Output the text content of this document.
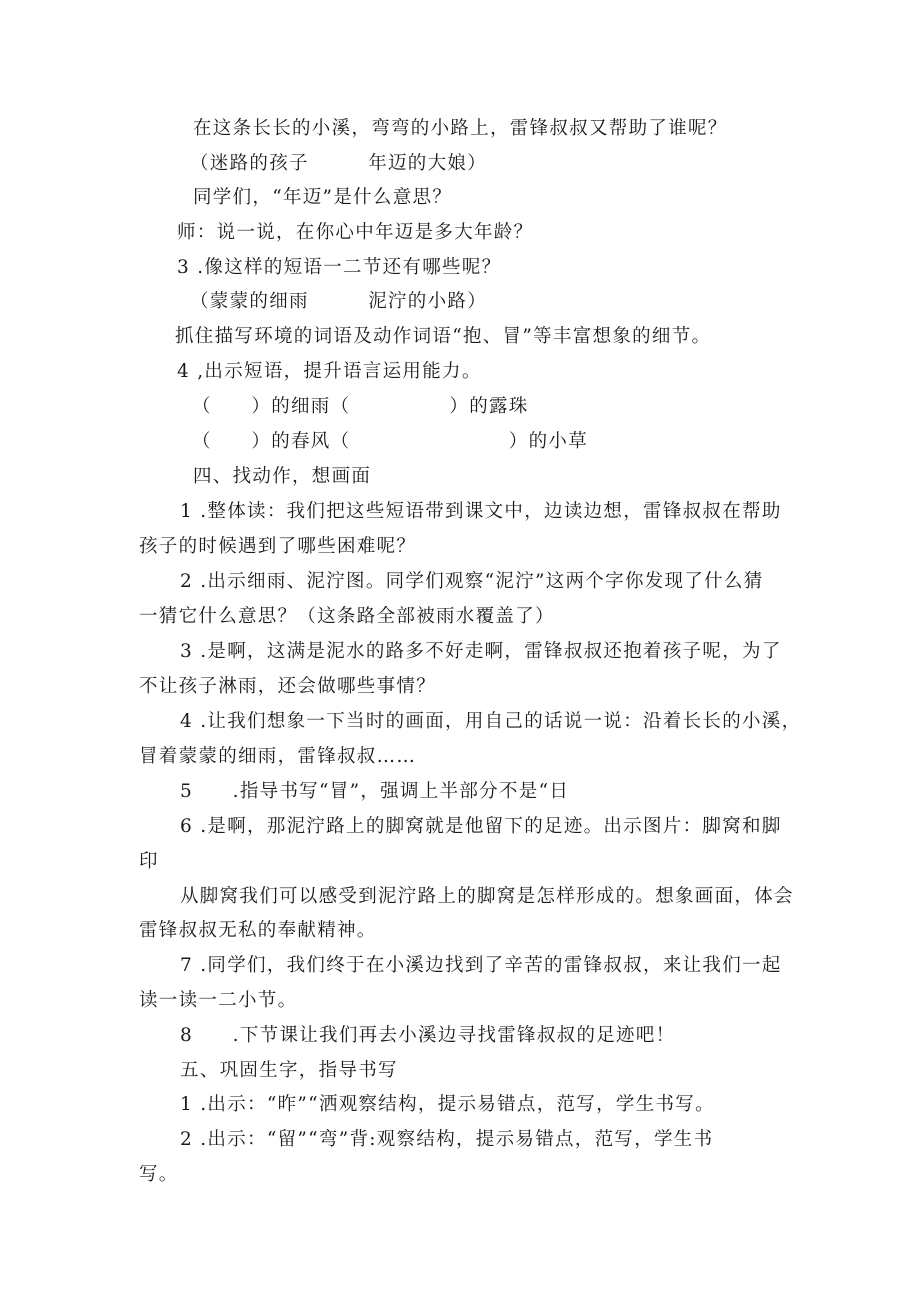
在这条长长的小溪，弯弯的小路上，雷锋叔叔又帮助了谁呢？
（迷路的孩子　　　年迈的大娘）
同学们，“年迈”是什么意思？
师：说一说，在你心中年迈是多大年龄？
3 .像这样的短语一二节还有哪些呢？
（蒙蒙的细雨　　　泥泞的小路）
抓住描写环境的词语及动作词语“抱、冒”等丰富想象的细节。
4 ,出示短语，提升语言运用能力。
（　　）的细雨（　　　　　）的露珠
（　　）的春风（　　　　　　　　）的小草
四、找动作，想画面
1 .整体读：我们把这些短语带到课文中，边读边想，雷锋叔叔在帮助
孩子的时候遇到了哪些困难呢？
2 .出示细雨、泥泞图。同学们观察“泥泞”这两个字你发现了什么猜
一猜它什么意思？（这条路全部被雨水覆盖了）
3 .是啊，这满是泥水的路多不好走啊，雷锋叔叔还抱着孩子呢，为了
不让孩子淋雨，还会做哪些事情？
4 .让我们想象一下当时的画面，用自己的话说一说：沿着长长的小溪，
冒着蒙蒙的细雨，雷锋叔叔……
5　　.指导书写“冒”，强调上半部分不是“日
6 .是啊，那泥泞路上的脚窝就是他留下的足迹。出示图片：脚窝和脚
印
从脚窝我们可以感受到泥泞路上的脚窝是怎样形成的。想象画面，体会
雷锋叔叔无私的奉献精神。
7 .同学们，我们终于在小溪边找到了辛苦的雷锋叔叔，来让我们一起
读一读一二小节。
8　　.下节课让我们再去小溪边寻找雷锋叔叔的足迹吧！
五、巩固生字，指导书写
1 .出示：“昨”“洒观察结构，提示易错点，范写，学生书写。
2 .出示：“留”“弯”背:观察结构，提示易错点，范写，学生书
写。
